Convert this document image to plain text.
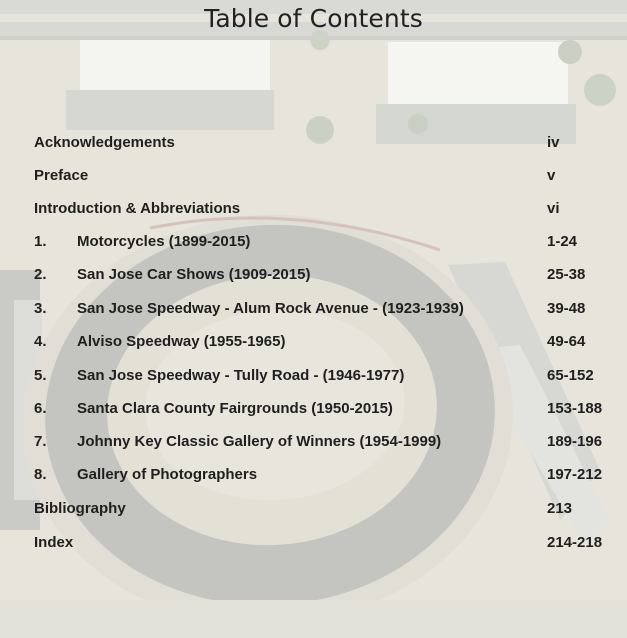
Table of Contents
Acknowledgements	iv
Preface	v
Introduction & Abbreviations	vi
1. Motorcycles (1899-2015)	1-24
2. San Jose Car Shows (1909-2015)	25-38
3. San Jose Speedway - Alum Rock Avenue - (1923-1939)	39-48
4. Alviso Speedway (1955-1965)	49-64
5. San Jose Speedway - Tully Road - (1946-1977)	65-152
6. Santa Clara County Fairgrounds (1950-2015)	153-188
7. Johnny Key Classic Gallery of Winners (1954-1999)	189-196
8. Gallery of Photographers	197-212
Bibliography	213
Index	214-218
